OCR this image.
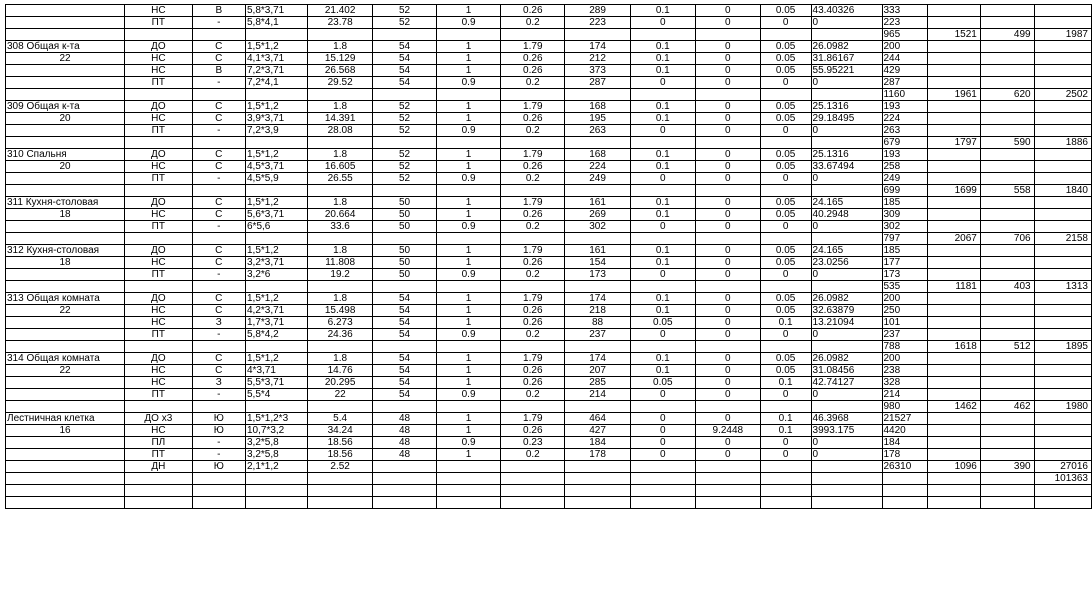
	НС	В	5,8*3,71	21.402	52	1	0.26	289	0.1	0	0.05	43.40326	333			
	ПТ	-	5,8*4,1	23.78	52	0.9	0.2	223	0	0	0	0	223			
													965	1521	499	1987
308 Общая к-та	ДО	С	1,5*1,2	1.8	54	1	1.79	174	0.1	0	0.05	26.0982	200			
22	НС	С	4,1*3,71	15.129	54	1	0.26	212	0.1	0	0.05	31.86167	244			
	НС	В	7,2*3,71	26.568	54	1	0.26	373	0.1	0	0.05	55.95221	429			
	ПТ	-	7,2*4,1	29.52	54	0.9	0.2	287	0	0	0	0	287			
													1160	1961	620	2502
309 Общая к-та	ДО	С	1,5*1,2	1.8	52	1	1.79	168	0.1	0	0.05	25.1316	193			
20	НС	С	3,9*3,71	14.391	52	1	0.26	195	0.1	0	0.05	29.18495	224			
	ПТ	-	7,2*3,9	28.08	52	0.9	0.2	263	0	0	0	0	263			
													679	1797	590	1886
310 Спальня	ДО	С	1,5*1,2	1.8	52	1	1.79	168	0.1	0	0.05	25.1316	193			
20	НС	С	4,5*3,71	16.605	52	1	0.26	224	0.1	0	0.05	33.67494	258			
	ПТ	-	4,5*5,9	26.55	52	0.9	0.2	249	0	0	0	0	249			
													699	1699	558	1840
311 Кухня-столовая	ДО	С	1,5*1,2	1.8	50	1	1.79	161	0.1	0	0.05	24.165	185			
18	НС	С	5,6*3,71	20.664	50	1	0.26	269	0.1	0	0.05	40.2948	309			
	ПТ	-	6*5,6	33.6	50	0.9	0.2	302	0	0	0	0	302			
													797	2067	706	2158
312 Кухня-столовая	ДО	С	1,5*1,2	1.8	50	1	1.79	161	0.1	0	0.05	24.165	185			
18	НС	С	3,2*3,71	11.808	50	1	0.26	154	0.1	0	0.05	23.0256	177			
	ПТ	-	3,2*6	19.2	50	0.9	0.2	173	0	0	0	0	173			
													535	1181	403	1313
313 Общая комната	ДО	С	1,5*1,2	1.8	54	1	1.79	174	0.1	0	0.05	26.0982	200			
22	НС	С	4,2*3,71	15.498	54	1	0.26	218	0.1	0	0.05	32.63879	250			
	НС	З	1,7*3,71	6.273	54	1	0.26	88	0.05	0	0.1	13.21094	101			
	ПТ	-	5,8*4,2	24.36	54	0.9	0.2	237	0	0	0	0	237			
													788	1618	512	1895
314 Общая комната	ДО	С	1,5*1,2	1.8	54	1	1.79	174	0.1	0	0.05	26.0982	200			
22	НС	С	4*3,71	14.76	54	1	0.26	207	0.1	0	0.05	31.08456	238			
	НС	З	5,5*3,71	20.295	54	1	0.26	285	0.05	0	0.1	42.74127	328			
	ПТ	-	5,5*4	22	54	0.9	0.2	214	0	0	0	0	214			
													980	1462	462	1980
Лестничная клетка	ДО х3	Ю	1,5*1,2*3	5.4	48	1	1.79	464	0	0	0.1	46.3968	21527			
16	НС	Ю	10,7*3,2	34.24	48	1	0.26	427	0	9.2448	0.1	3993.175	4420			
	ПЛ	-	3,2*5,8	18.56	48	0.9	0.23	184	0	0	0	0	184			
	ПТ	-	3,2*5,8	18.56	48	1	0.2	178	0	0	0	0	178			
	ДН	Ю	2,1*1,2	2.52									26310	1096	390	27016
																101363
